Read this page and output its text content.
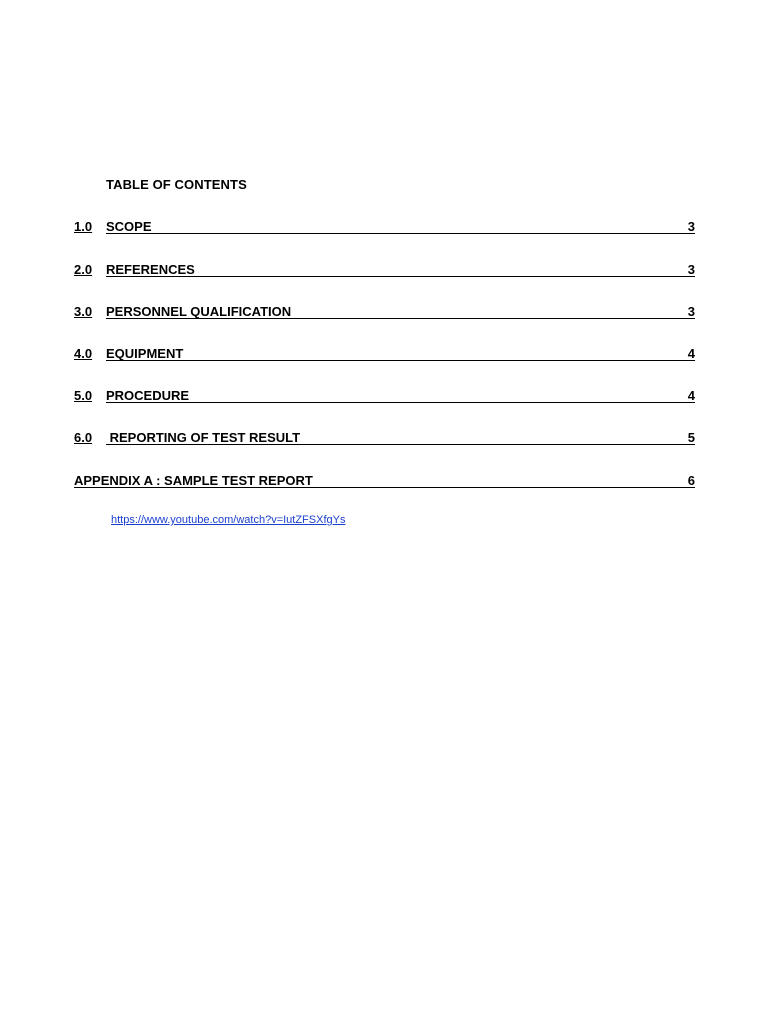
TABLE OF CONTENTS
1.0 SCOPE	3
2.0 REFERENCES	3
3.0 PERSONNEL QUALIFICATION	3
4.0 EQUIPMENT	4
5.0 PROCEDURE	4
6.0 REPORTING OF TEST RESULT	5
APPENDIX A : SAMPLE TEST REPORT	6
https://www.youtube.com/watch?v=IutZFSXfgYs
